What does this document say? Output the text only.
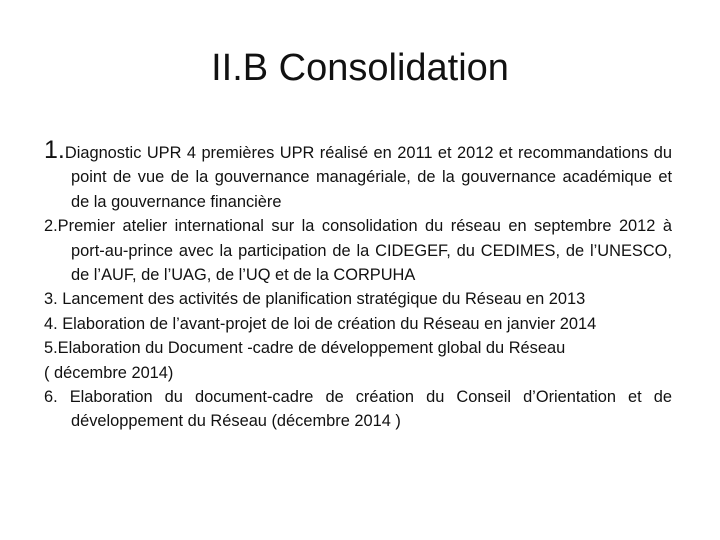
II.B Consolidation

1.Diagnostic UPR 4 premières UPR réalisé en 2011 et 2012 et recommandations du point de vue de la gouvernance managériale, de la gouvernance académique et de la gouvernance financière

2.Premier atelier international sur la consolidation du réseau en septembre 2012 à port-au-prince avec la participation de la CIDEGEF, du CEDIMES, de l’UNESCO, de l’AUF, de l’UAG, de l’UQ et de la CORPUHA

3. Lancement des activités de planification stratégique du Réseau en 2013

4. Elaboration de l’avant-projet de loi de création du Réseau en janvier 2014

5.Elaboration du Document -cadre de développement global du Réseau

( décembre 2014)

6. Elaboration du document-cadre de création du Conseil d’Orientation et de développement du Réseau (décembre 2014 )
